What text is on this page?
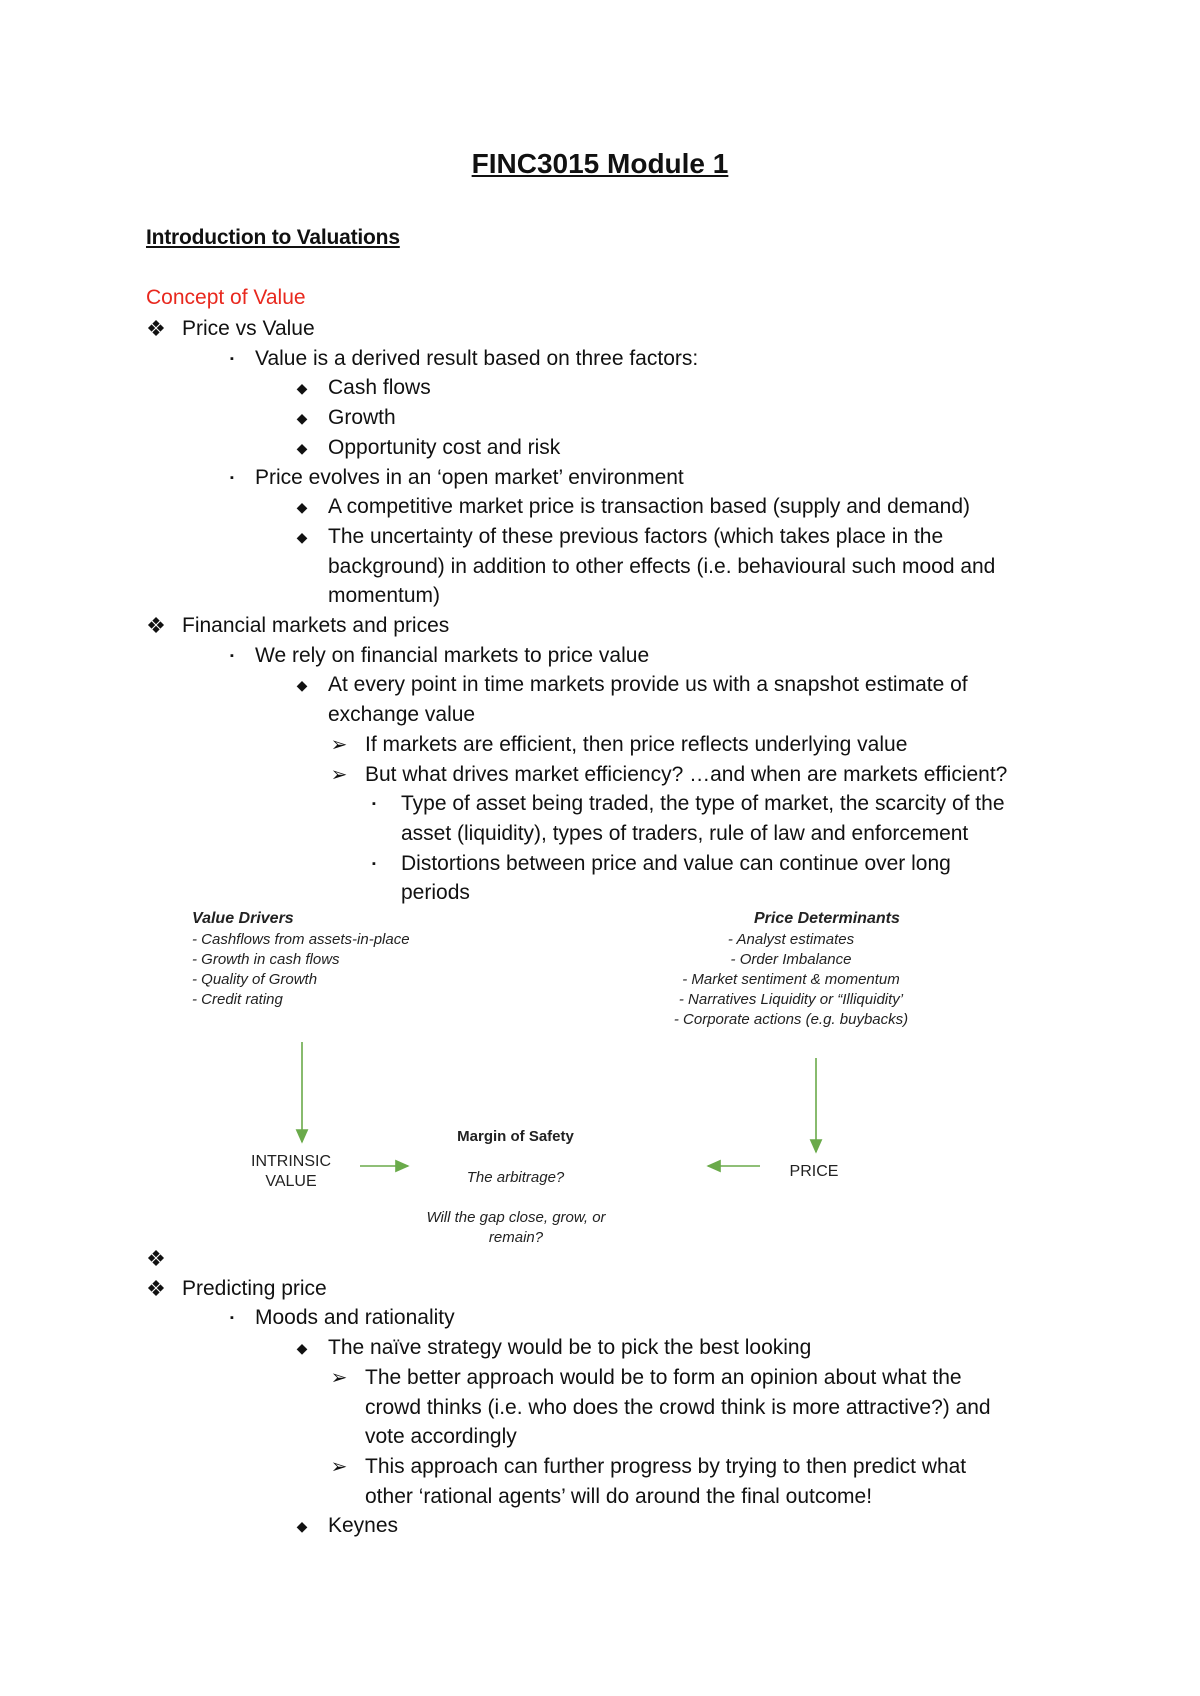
FINC3015 Module 1
Introduction to Valuations
Concept of Value
❖ Price vs Value
▪	Value is a derived result based on three factors:
◆ Cash flows
◆ Growth
◆ Opportunity cost and risk
▪	Price evolves in an ‘open market’ environment
◆ A competitive market price is transaction based (supply and demand)
◆ The uncertainty of these previous factors (which takes place in the
background) in addition to other effects (i.e. behavioural such mood and
momentum)
❖ Financial markets and prices
▪	We rely on financial markets to price value
◆ At every point in time markets provide us with a snapshot estimate of
exchange value
➢ If markets are efficient, then price reflects underlying value
➢ But what drives market efficiency? …and when are markets efficient?
▪	Type of asset being traded, the type of market, the scarcity of the
asset (liquidity), types of traders, rule of law and enforcement
▪	Distortions between price and value can continue over long
periods
Value Drivers
- Cashflows from assets-in-place
- Growth in cash flows
- Quality of Growth
- Credit rating
Price Determinants
- Analyst estimates
- Order Imbalance
- Market sentiment & momentum
- Narratives Liquidity or “Illiquidity’
- Corporate actions (e.g. buybacks)
INTRINSIC
VALUE
PRICE
Margin of Safety
The arbitrage?
Will the gap close, grow, or
remain?
❖
❖ Predicting price
▪	Moods and rationality
◆ The naïve strategy would be to pick the best looking
➢ The better approach would be to form an opinion about what the
crowd thinks (i.e. who does the crowd think is more attractive?) and
vote accordingly
➢ This approach can further progress by trying to then predict what
other ‘rational agents’ will do around the final outcome!
◆ Keynes
